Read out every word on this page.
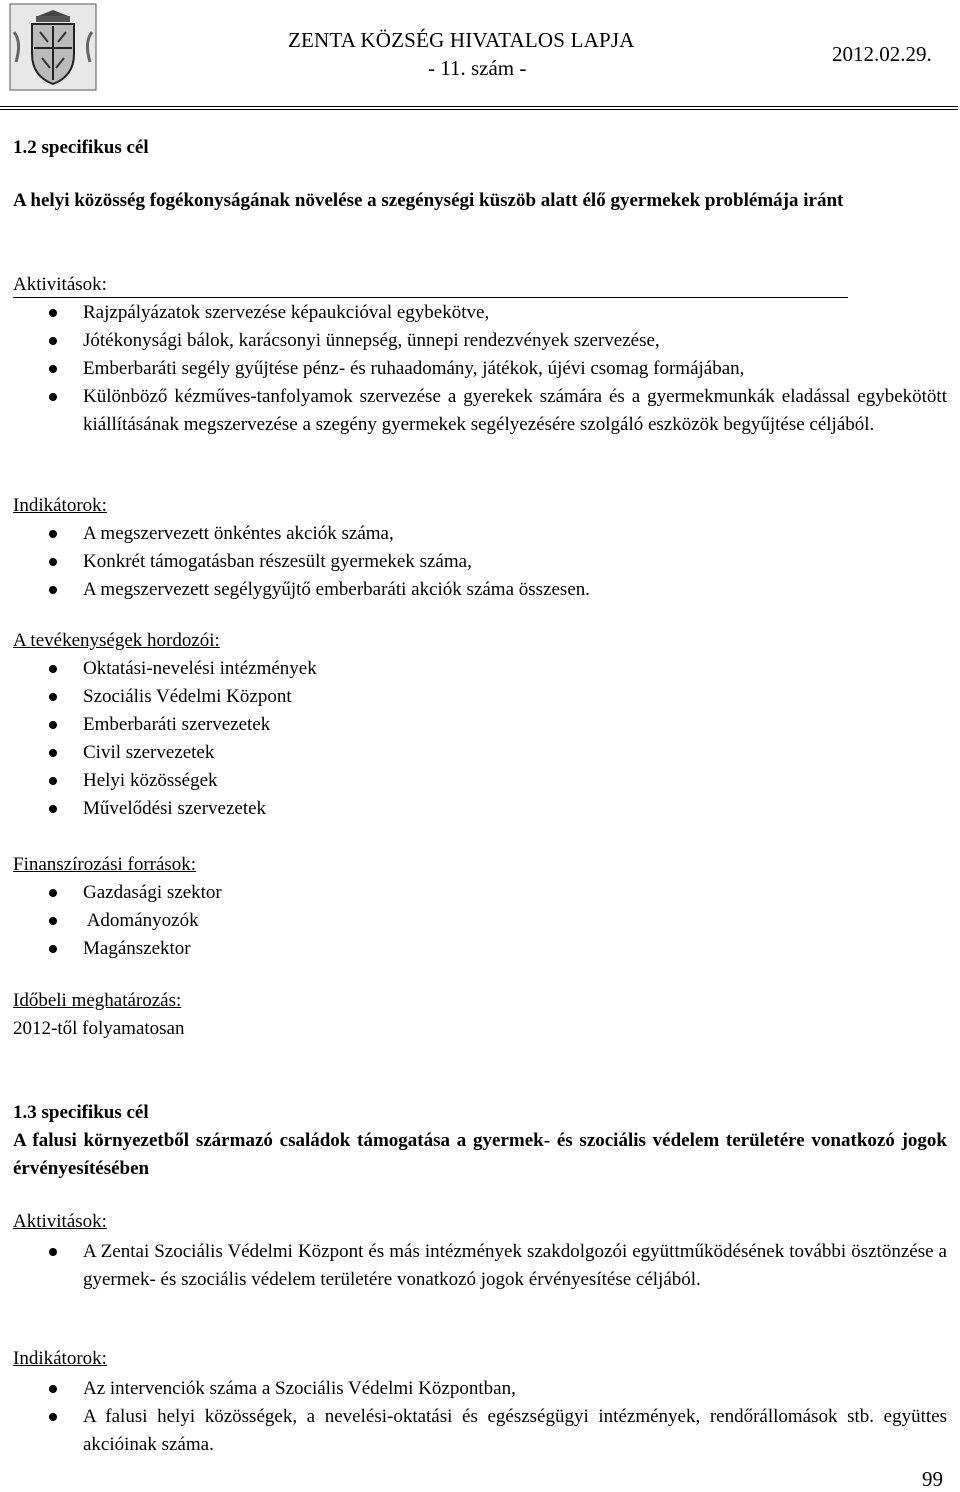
ZENTA KÖZSÉG HIVATALOS LAPJA
- 11. szám -
2012.02.29.
1.2 specifikus cél
A helyi közösség fogékonyságának növelése a szegénységi küszöb alatt élő gyermekek problémája iránt
Aktivitások:
Rajzpályázatok szervezése képaukcióval egybekötve,
Jótékonysági bálok, karácsonyi ünnepség, ünnepi rendezvények szervezése,
Emberbaráti segély gyűjtése pénz- és ruhaadomány, játékok, újévi csomag formájában,
Különböző kézműves-tanfolyamok szervezése a gyerekek számára és a gyermekmunkák eladással egybekötött kiállításának megszervezése a szegény gyermekek segélyezésére szolgáló eszközök begyűjtése céljából.
Indikátorok:
A megszervezett önkéntes akciók száma,
Konkrét támogatásban részesült gyermekek száma,
A megszervezett segélygyűjtő emberbaráti akciók száma összesen.
A tevékenységek hordozói:
Oktatási-nevelési intézmények
Szociális Védelmi Központ
Emberbaráti szervezetek
Civil szervezetek
Helyi közösségek
Művelődési szervezetek
Finanszírozási források:
Gazdasági szektor
Adományozók
Magánszektor
Időbeli meghatározás:
2012-től folyamatosan
1.3 specifikus cél
A falusi környezetből származó családok támogatása a gyermek- és szociális védelem területére vonatkozó jogok érvényesítésében
Aktivitások:
A Zentai Szociális Védelmi Központ és más intézmények szakdolgozói együttműködésének további ösztönzése a gyermek- és szociális védelem területére vonatkozó jogok érvényesítése céljából.
Indikátorok:
Az intervenciók száma a Szociális Védelmi Központban,
A falusi helyi közösségek, a nevelési-oktatási és egészségügyi intézmények, rendőrállomások stb. együttes akcióinak száma.
99
